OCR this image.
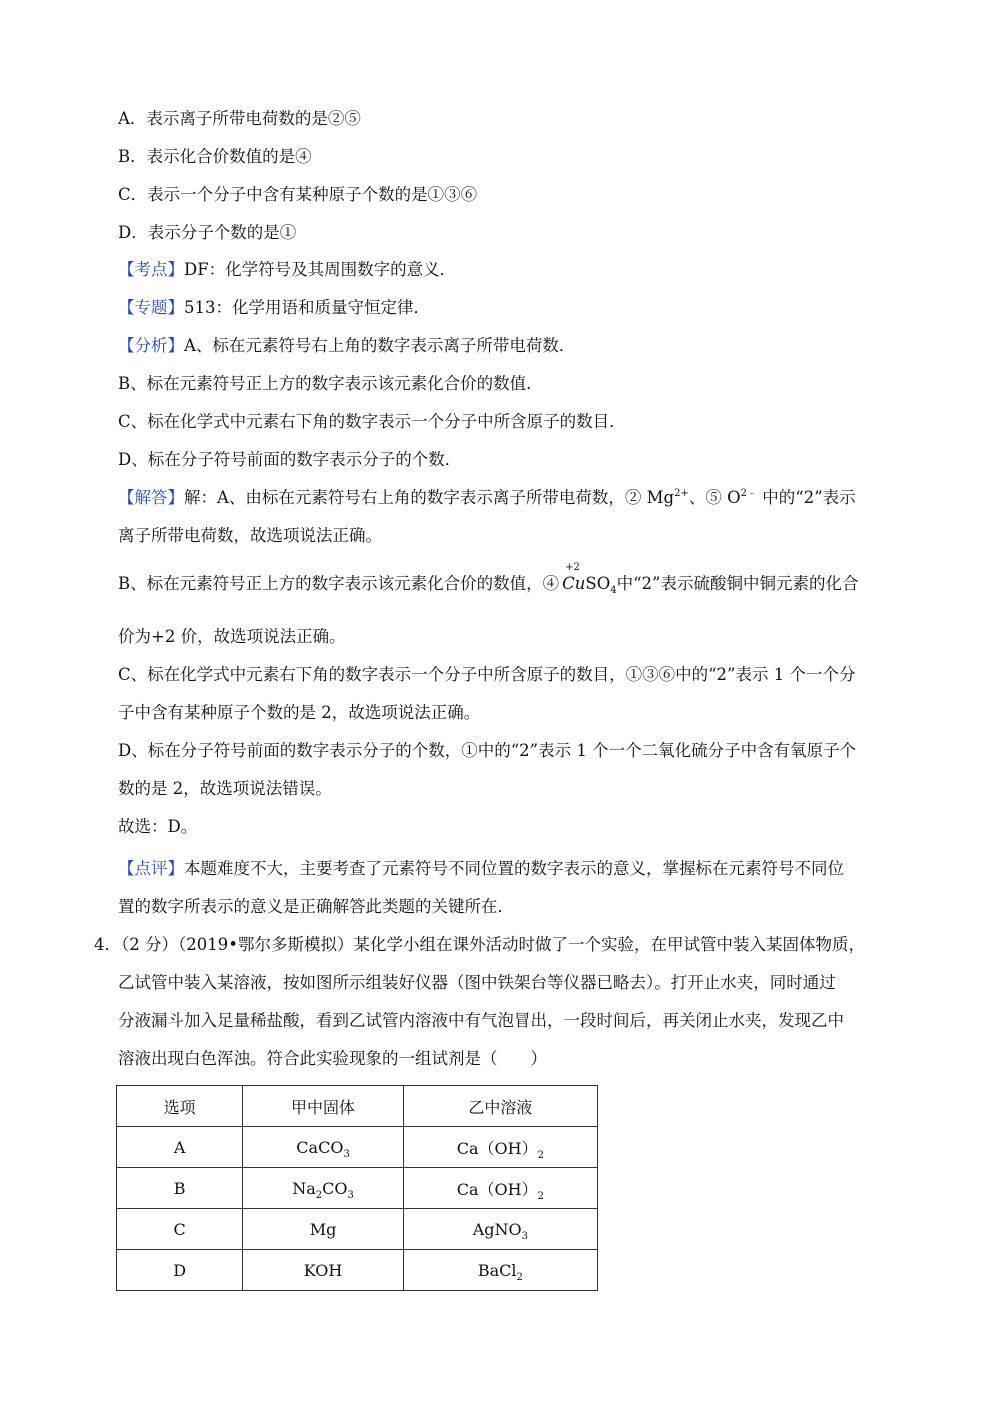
A．表示离子所带电荷数的是②⑤
B．表示化合价数值的是④
C．表示一个分子中含有某种原子个数的是①③⑥
D．表示分子个数的是①
【考点】DF：化学符号及其周围数字的意义．
【专题】513：化学用语和质量守恒定律．
【分析】A、标在元素符号右上角的数字表示离子所带电荷数．
B、标在元素符号正上方的数字表示该元素化合价的数值．
C、标在化学式中元素右下角的数字表示一个分子中所含原子的数目．
D、标在分子符号前面的数字表示分子的个数．
【解答】解：A、由标在元素符号右上角的数字表示离子所带电荷数，② $Mg^{2+}$、⑤ $O^{2﹣}$ 中的“2”表示
离子所带电荷数，故选项说法正确。
B、标在元素符号正上方的数字表示该元素化合价的数值，④
+2
CuSO$_4$中“2”表示硫酸铜中铜元素的化合
价为+2 价，故选项说法正确。
C、标在化学式中元素右下角的数字表示一个分子中所含原子的数目，①③⑥中的“2”表示 1 个一个分
子中含有某种原子个数的是 2，故选项说法正确。
D、标在分子符号前面的数字表示分子的个数，①中的“2”表示 1 个一个二氧化硫分子中含有氧原子个
数的是 2，故选项说法错误。
故选：D。
【点评】本题难度不大，主要考查了元素符号不同位置的数字表示的意义，掌握标在元素符号不同位
置的数字所表示的意义是正确解答此类题的关键所在．
4．（2 分）（2019•鄂尔多斯模拟）某化学小组在课外活动时做了一个实验，在甲试管中装入某固体物质，
乙试管中装入某溶液，按如图所示组装好仪器（图中铁架台等仪器已略去）。打开止水夹，同时通过
分液漏斗加入足量稀盐酸，看到乙试管内溶液中有气泡冒出，一段时间后，再关闭止水夹，发现乙中
溶液出现白色浑浊。符合此实验现象的一组试剂是（　　）
选项	甲中固体	乙中溶液
A	CaCO$_3$	$Ca(OH)_2$
B	$Na_2CO_3$	$Ca(OH)_2$
C	Mg	AgNO$_3$
D	KOH	BaCl$_2$
